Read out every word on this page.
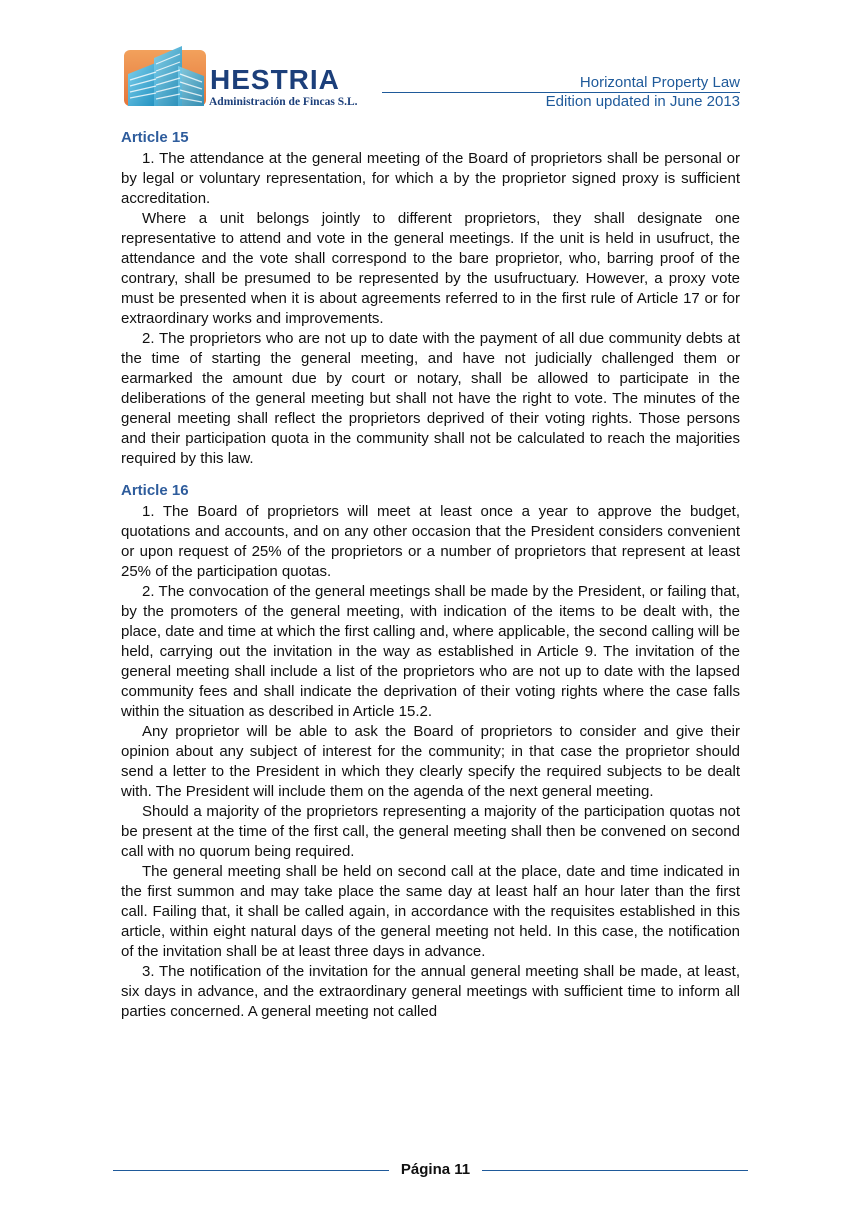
HESTRIA
Administración de Fincas S.L.
Horizontal Property Law
Edition updated in June 2013
Article 15

1. The attendance at the general meeting of the Board of proprietors shall be personal or by legal or voluntary representation, for which a by the proprietor signed proxy is sufficient accreditation.

Where a unit belongs jointly to different proprietors, they shall designate one representative to attend and vote in the general meetings. If the unit is held in usufruct, the attendance and the vote shall correspond to the bare proprietor, who, barring proof of the contrary, shall be presumed to be represented by the usufructuary. However, a proxy vote must be presented when it is about agreements referred to in the first rule of Article 17 or for extraordinary works and improvements.

2. The proprietors who are not up to date with the payment of all due community debts at the time of starting the general meeting, and have not judicially challenged them or earmarked the amount due by court or notary, shall be allowed to participate in the deliberations of the general meeting but shall not have the right to vote. The minutes of the general meeting shall reflect the proprietors deprived of their voting rights. Those persons and their participation quota in the community shall not be calculated to reach the majorities required by this law.

Article 16

1. The Board of proprietors will meet at least once a year to approve the budget, quotations and accounts, and on any other occasion that the President considers convenient or upon request of 25% of the proprietors or a number of proprietors that represent at least 25% of the participation quotas.

2. The convocation of the general meetings shall be made by the President, or failing that, by the promoters of the general meeting, with indication of the items to be dealt with, the place, date and time at which the first calling and, where applicable, the second calling will be held, carrying out the invitation in the way as established in Article 9. The invitation of the general meeting shall include a list of the proprietors who are not up to date with the lapsed community fees and shall indicate the deprivation of their voting rights where the case falls within the situation as described in Article 15.2.

Any proprietor will be able to ask the Board of proprietors to consider and give their opinion about any subject of interest for the community; in that case the proprietor should send a letter to the President in which they clearly specify the required subjects to be dealt with. The President will include them on the agenda of the next general meeting.

Should a majority of the proprietors representing a majority of the participation quotas not be present at the time of the first call, the general meeting shall then be convened on second call with no quorum being required.

The general meeting shall be held on second call at the place, date and time indicated in the first summon and may take place the same day at least half an hour later than the first call. Failing that, it shall be called again, in accordance with the requisites established in this article, within eight natural days of the general meeting not held. In this case, the notification of the invitation shall be at least three days in advance.

3. The notification of the invitation for the annual general meeting shall be made, at least, six days in advance, and the extraordinary general meetings with sufficient time to inform all parties concerned. A general meeting not called

Página 11
